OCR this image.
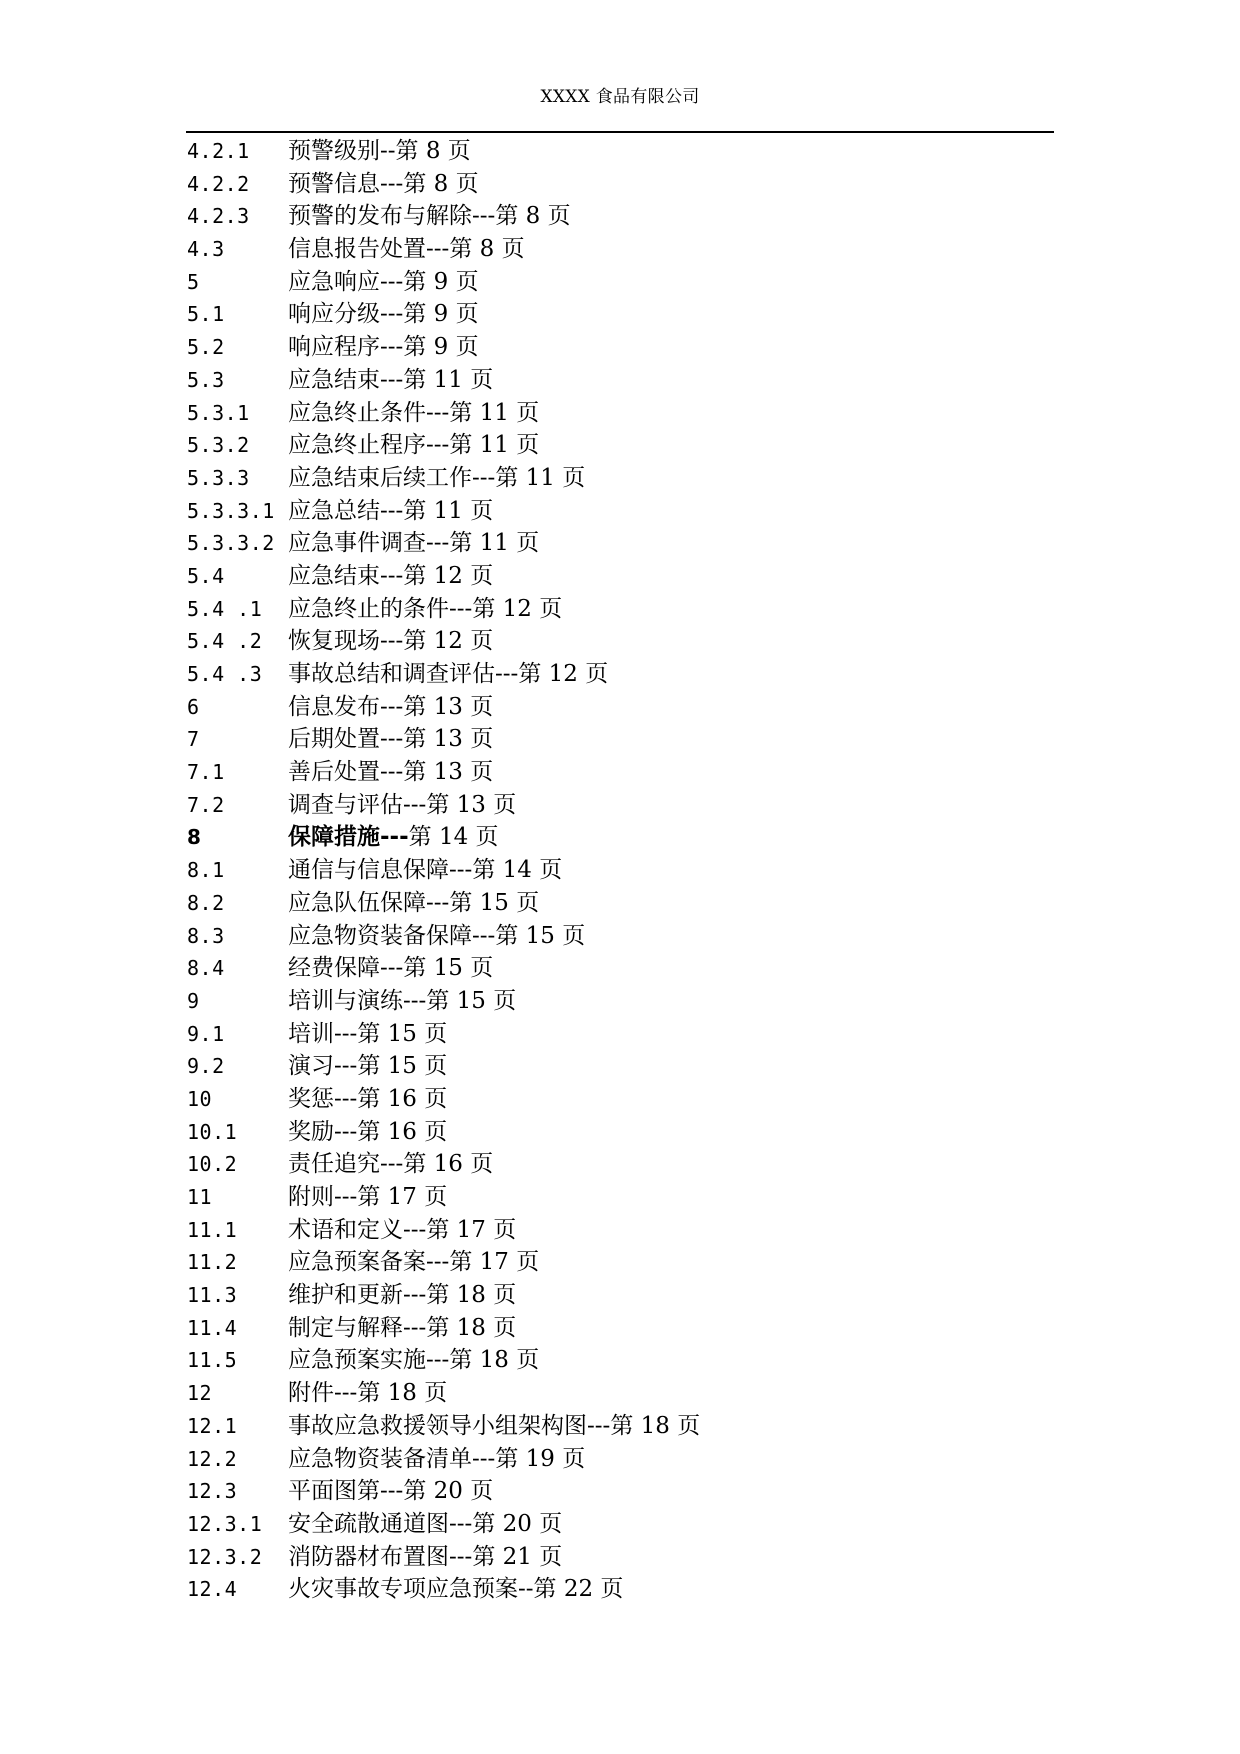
XXXX 食品有限公司
4.2.1	预警级别 --第 8 页
4.2.2	预警信息 ---第 8 页
4.2.3	预警的发布与解除 ---第 8 页
4.3	信息报告处置 ---第 8 页
5	应急响应 ---第 9 页
5.1	响应分级 ---第 9 页
5.2	响应程序 ---第 9 页
5.3	应急结束 ---第 11 页
5.3.1	应急终止条件 ---第 11 页
5.3.2	应急终止程序 ---第 11 页
5.3.3	应急结束后续工作 ---第 11 页
5.3.3.1 应急总结 ---第 11 页
5.3.3.2 应急事件调查 ---第 11 页
5.4	应急结束 ---第 12 页
5.4 .1	应急终止的条件 ---第 12 页
5.4 .2	恢复现场 ---第 12 页
5.4 .3	事故总结和调查评估 ---第 12 页
6	信息发布 ---第 13 页
7	后期处置 ---第 13 页
7.1	善后处置 ---第 13 页
7.2	调查与评估 ---第 13 页
8	保障措施--- 第 14 页
8.1	通信与信息保障 ---第 14 页
8.2	应急队伍保障 ---第 15 页
8.3	应急物资装备保障 ---第 15 页
8.4	经费保障 ---第 15 页
9	培训与演练 ---第 15 页
9.1	培训 ---第 15 页
9.2	演习 ---第 15 页
10	奖惩 ---第 16 页
10.1	奖励 ---第 16 页
10.2	责任追究 ---第 16 页
11	附则 ---第 17 页
11.1	术语和定义 ---第 17 页
11.2	应急预案备案 ---第 17 页
11.3	维护和更新 ---第 18 页
11.4	制定与解释 ---第 18 页
11.5	应急预案实施 ---第 18 页
12	附件 ---第 18 页
12.1	事故应急救援领导小组架构图 ---第 18 页
12.2	应急物资装备清单 ---第 19 页
12.3	平面图第 ---第 20 页
12.3.1	安全疏散通道图 ---第 20 页
12.3.2	消防器材布置图 ---第 21 页
12.4	火灾事故专项应急预案 --第 22 页
